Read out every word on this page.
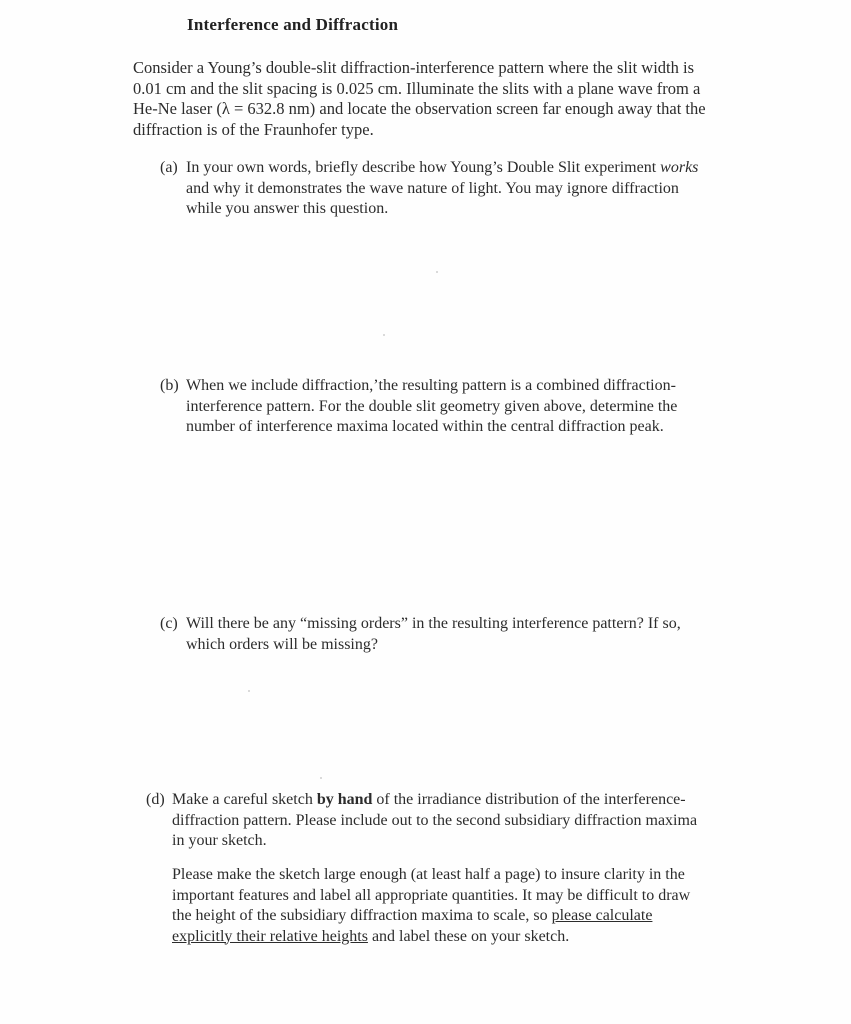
Interference and Diffraction
Consider a Young’s double-slit diffraction-interference pattern where the slit width is
0.01 cm and the slit spacing is 0.025 cm. Illuminate the slits with a plane wave from a
He-Ne laser (λ = 632.8 nm) and locate the observation screen far enough away that the
diffraction is of the Fraunhofer type.
(a) In your own words, briefly describe how Young’s Double Slit experiment works
and why it demonstrates the wave nature of light. You may ignore diffraction
while you answer this question.
(b) When we include diffraction,ʼthe resulting pattern is a combined diffraction-
interference pattern. For the double slit geometry given above, determine the
number of interference maxima located within the central diffraction peak.
(c) Will there be any “missing orders” in the resulting interference pattern? If so,
which orders will be missing?
(d) Make a careful sketch by hand of the irradiance distribution of the interference-
diffraction pattern. Please include out to the second subsidiary diffraction maxima
in your sketch.
Please make the sketch large enough (at least half a page) to insure clarity in the
important features and label all appropriate quantities. It may be difficult to draw
the height of the subsidiary diffraction maxima to scale, so please calculate
explicitly their relative heights and label these on your sketch.
